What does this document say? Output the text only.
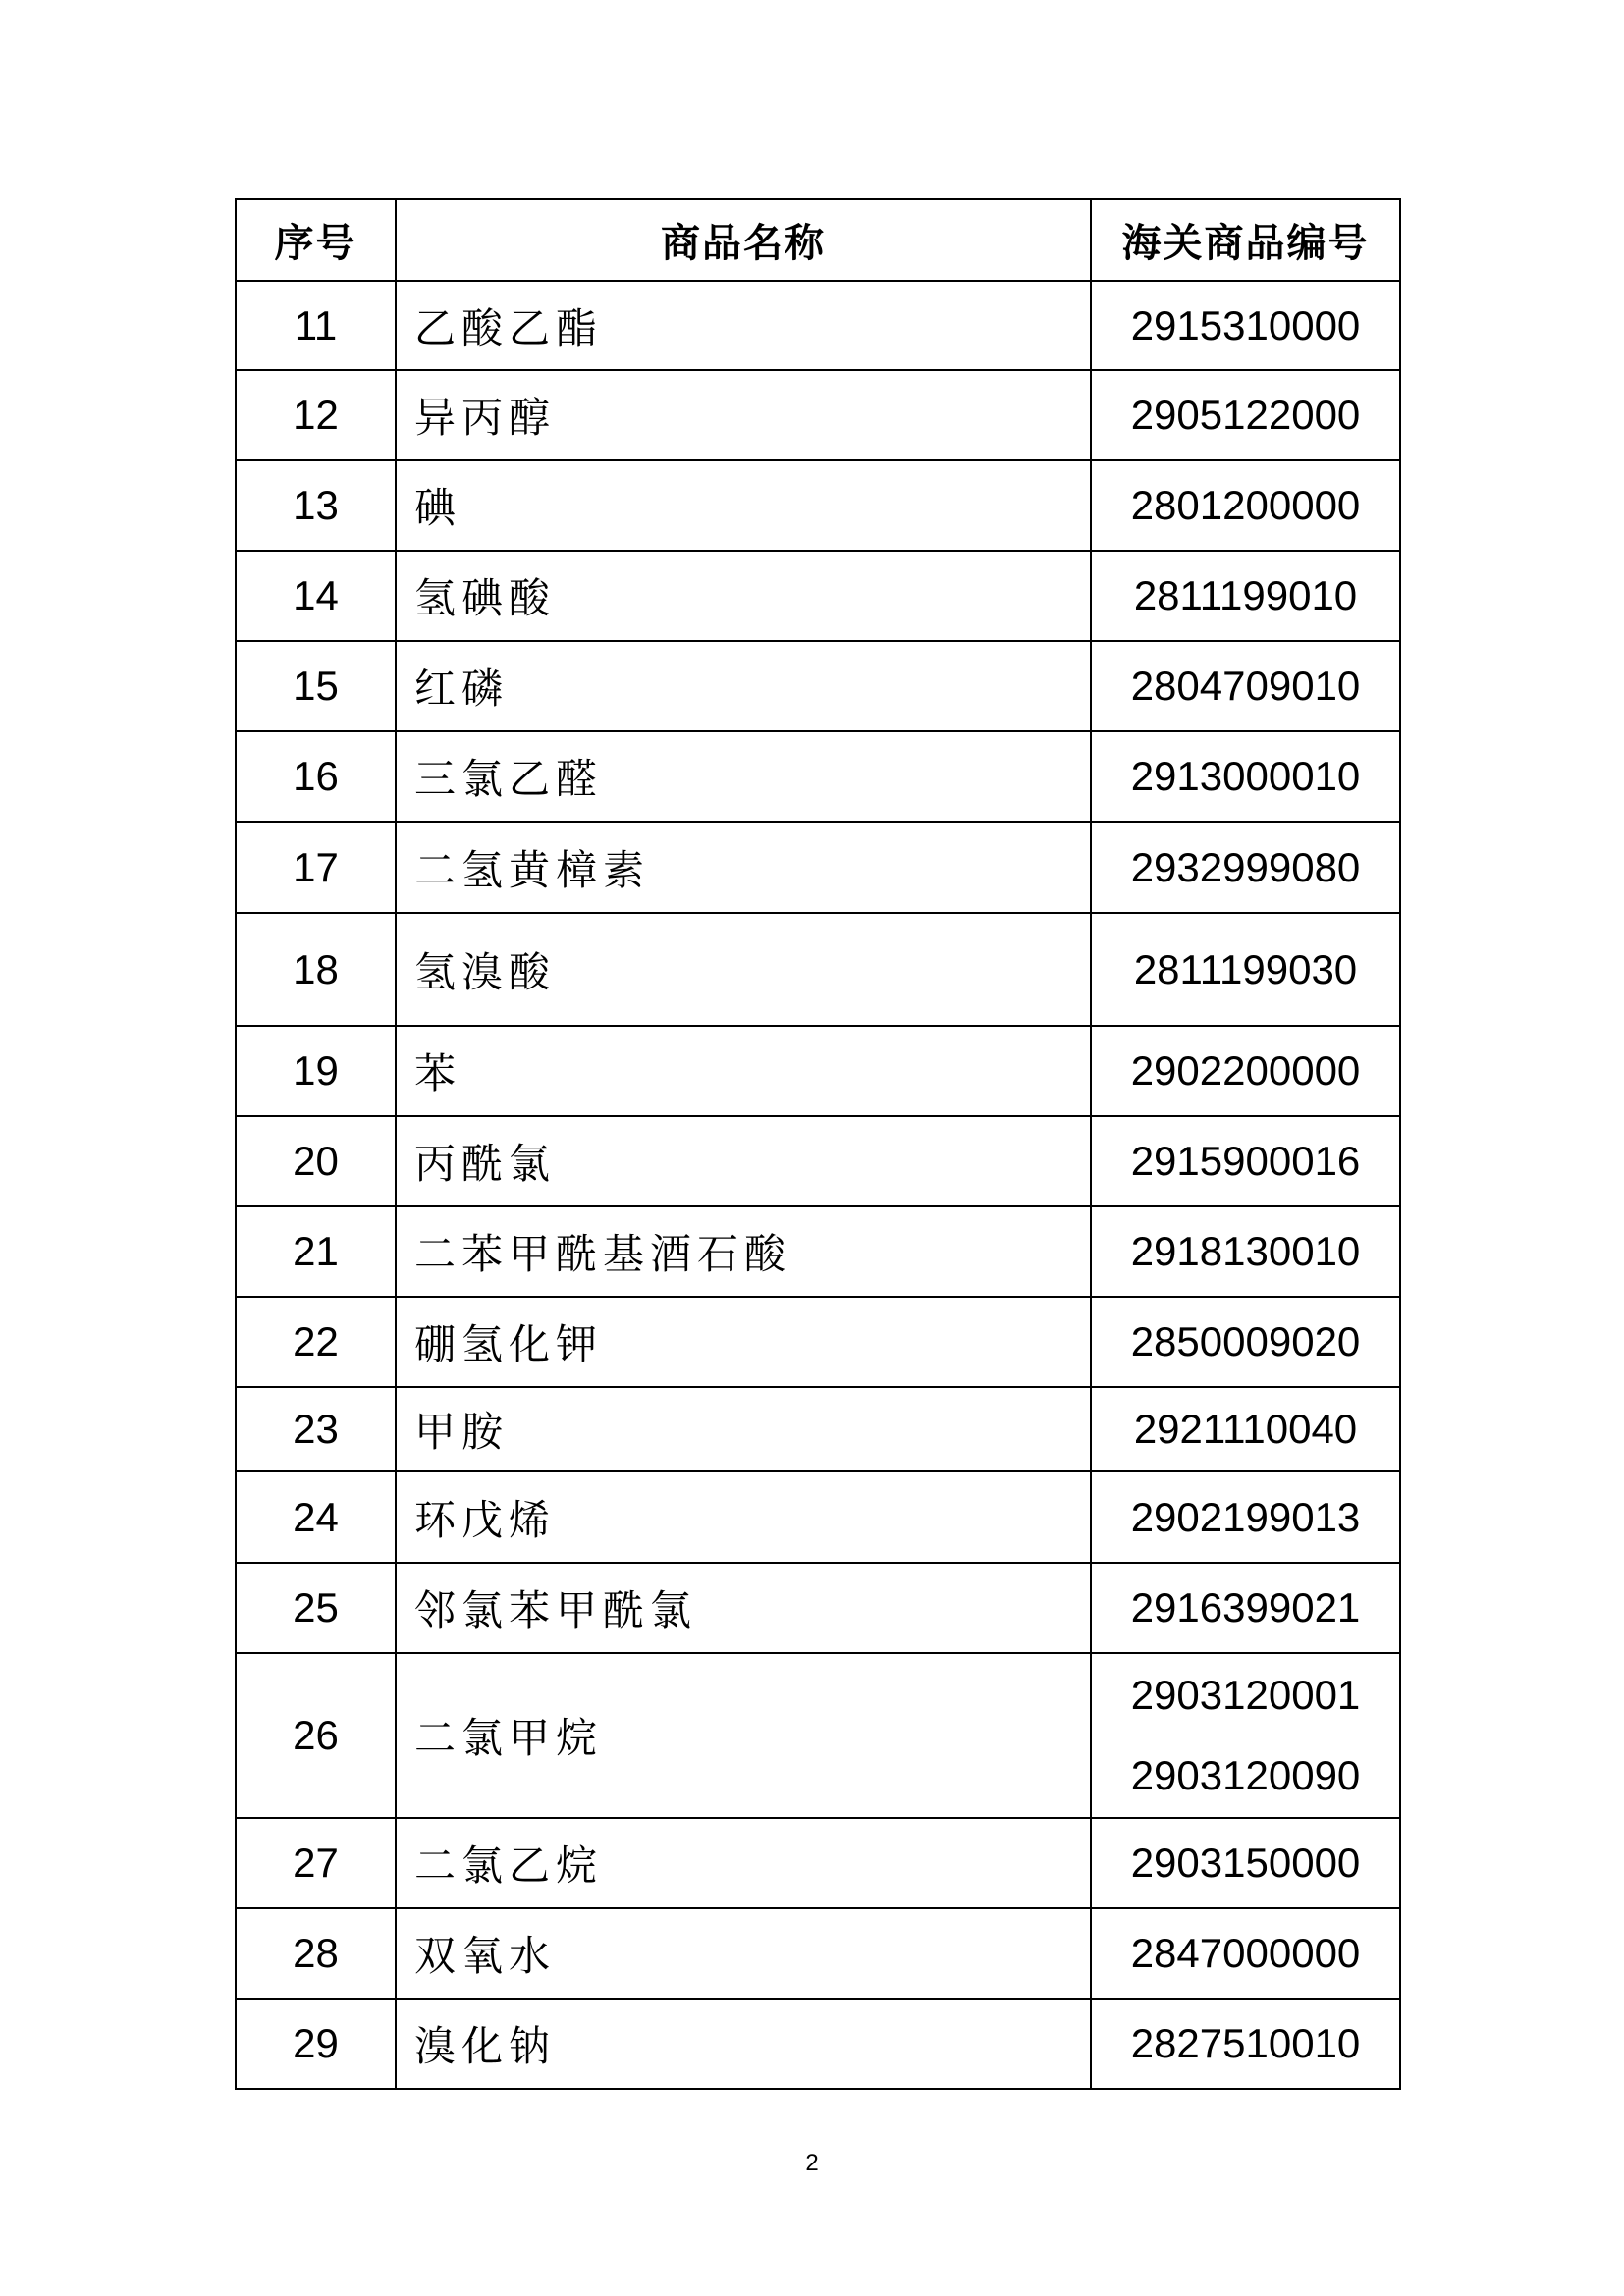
序号	商品名称	海关商品编号
11	乙酸乙酯	2915310000

12	异丙醇	2905122000

13	碘	2801200000

14	氢碘酸	2811199010

15	红磷	2804709010

16	三氯乙醛	2913000010

17	二氢黄樟素	2932999080

18	氢溴酸	2811199030

19	苯	2902200000

20	丙酰氯	2915900016

21	二苯甲酰基酒石酸	2918130010

22	硼氢化钾	2850009020

23	甲胺	2921110040

24	环戊烯	2902199013

25	邻氯苯甲酰氯	2916399021

26	二氯甲烷	2903120001
2903120090

27	二氯乙烷	2903150000

28	双氧水	2847000000

29	溴化钠	2827510010
2
